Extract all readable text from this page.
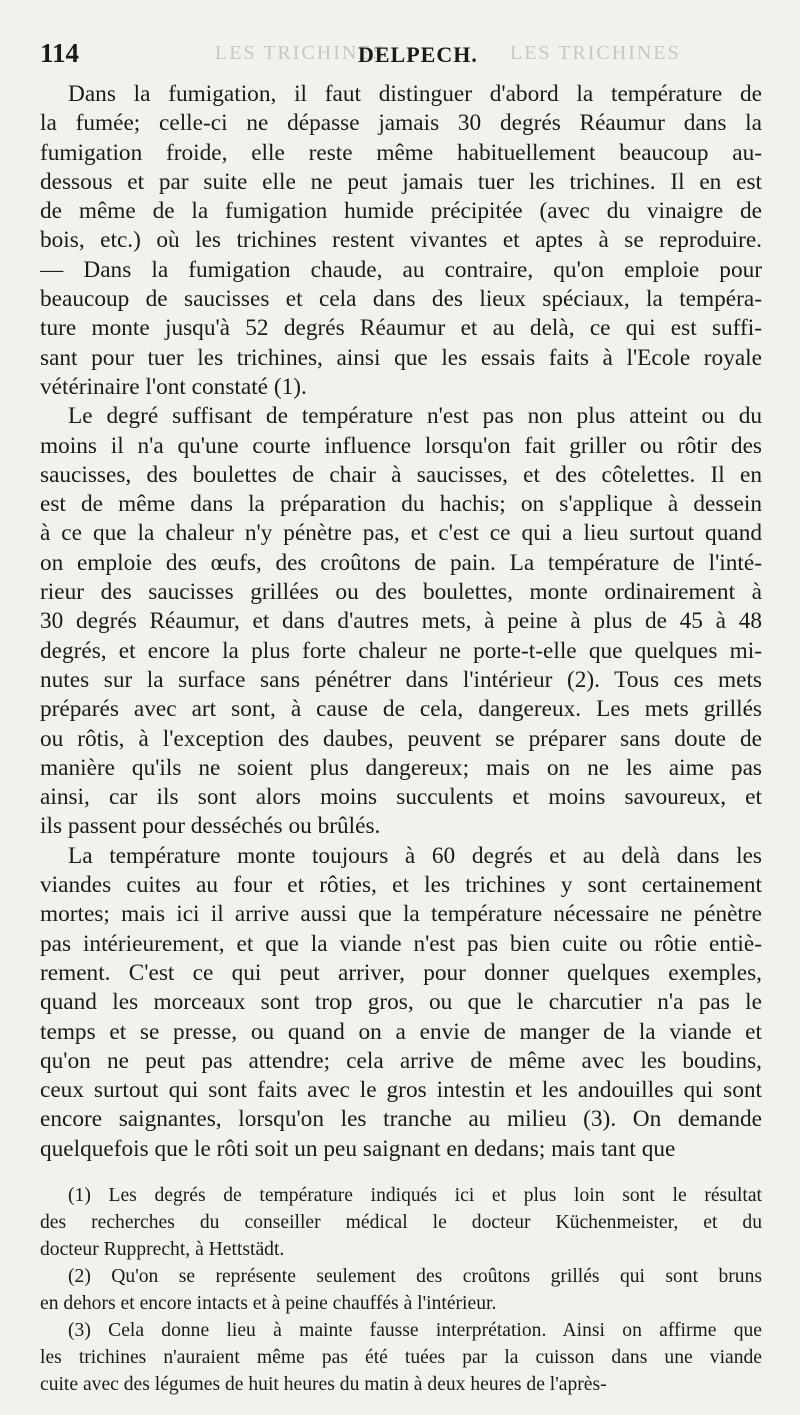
LES TRICHINES	LES TRICHINES
114	DELPECH.

Dans la fumigation, il faut distinguer d'abord la température de
la fumée; celle-ci ne dépasse jamais 30 degrés Réaumur dans la
fumigation froide, elle reste même habituellement beaucoup au-
dessous et par suite elle ne peut jamais tuer les trichines. Il en est
de même de la fumigation humide précipitée (avec du vinaigre de
bois, etc.) où les trichines restent vivantes et aptes à se reproduire.
— Dans la fumigation chaude, au contraire, qu'on emploie pour
beaucoup de saucisses et cela dans des lieux spéciaux, la tempéra-
ture monte jusqu'à 52 degrés Réaumur et au delà, ce qui est suffi-
sant pour tuer les trichines, ainsi que les essais faits à l'Ecole royale
vétérinaire l'ont constaté (1).

Le degré suffisant de température n'est pas non plus atteint ou du
moins il n'a qu'une courte influence lorsqu'on fait griller ou rôtir des
saucisses, des boulettes de chair à saucisses, et des côtelettes. Il en
est de même dans la préparation du hachis; on s'applique à dessein
à ce que la chaleur n'y pénètre pas, et c'est ce qui a lieu surtout quand
on emploie des œufs, des croûtons de pain. La température de l'inté-
rieur des saucisses grillées ou des boulettes, monte ordinairement à
30 degrés Réaumur, et dans d'autres mets, à peine à plus de 45 à 48
degrés, et encore la plus forte chaleur ne porte-t-elle que quelques mi-
nutes sur la surface sans pénétrer dans l'intérieur (2). Tous ces mets
préparés avec art sont, à cause de cela, dangereux. Les mets grillés
ou rôtis, à l'exception des daubes, peuvent se préparer sans doute de
manière qu'ils ne soient plus dangereux; mais on ne les aime pas
ainsi, car ils sont alors moins succulents et moins savoureux, et
ils passent pour desséchés ou brûlés.

La température monte toujours à 60 degrés et au delà dans les
viandes cuites au four et rôties, et les trichines y sont certainement
mortes; mais ici il arrive aussi que la température nécessaire ne pénètre
pas intérieurement, et que la viande n'est pas bien cuite ou rôtie entiè-
rement. C'est ce qui peut arriver, pour donner quelques exemples,
quand les morceaux sont trop gros, ou que le charcutier n'a pas le
temps et se presse, ou quand on a envie de manger de la viande et
qu'on ne peut pas attendre; cela arrive de même avec les boudins,
ceux surtout qui sont faits avec le gros intestin et les andouilles qui sont
encore saignantes, lorsqu'on les tranche au milieu (3). On demande
quelquefois que le rôti soit un peu saignant en dedans; mais tant que

(1) Les degrés de température indiqués ici et plus loin sont le résultat
des recherches du conseiller médical le docteur Küchenmeister, et du
docteur Rupprecht, à Hettstädt.

(2) Qu'on se représente seulement des croûtons grillés qui sont bruns
en dehors et encore intacts et à peine chauffés à l'intérieur.

(3) Cela donne lieu à mainte fausse interprétation. Ainsi on affirme que
les trichines n'auraient même pas été tuées par la cuisson dans une viande
cuite avec des légumes de huit heures du matin à deux heures de l'après-
